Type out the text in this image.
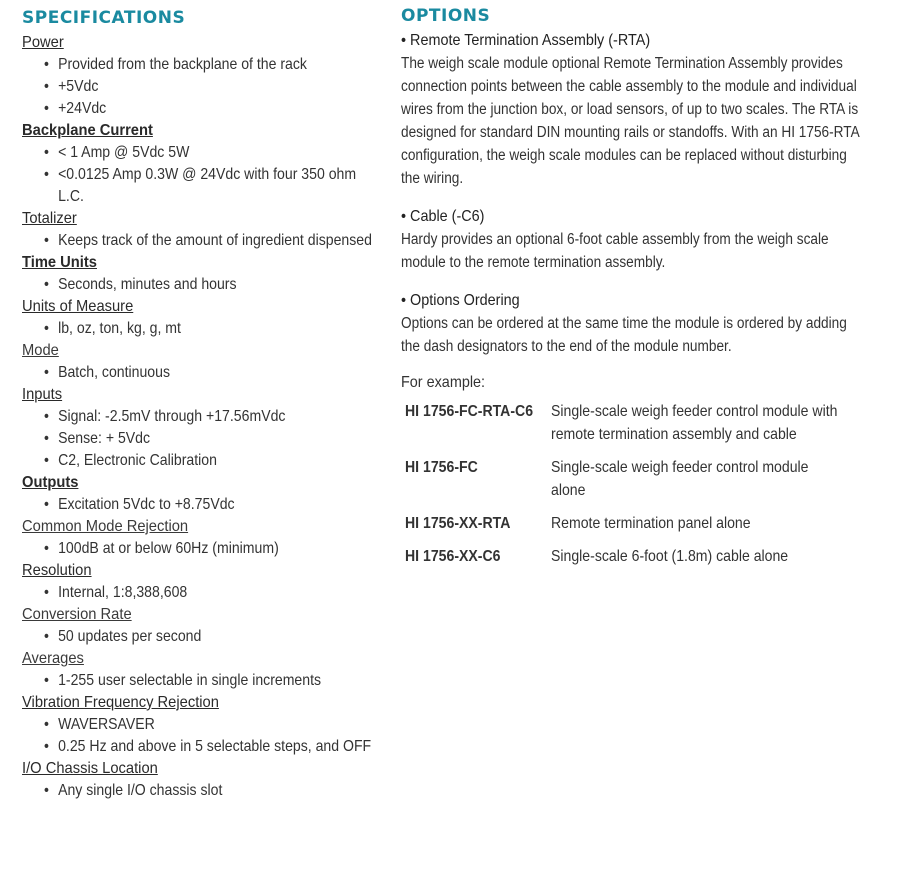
SPECIFICATIONS
Power
• Provided from the backplane of the rack
• +5Vdc
• +24Vdc
Backplane Current
• < 1 Amp @ 5Vdc 5W
• <0.0125 Amp 0.3W @ 24Vdc with four 350 ohm L.C.
Totalizer
• Keeps track of the amount of ingredient dispensed
Time Units
• Seconds, minutes and hours
Units of Measure
• lb, oz, ton, kg, g, mt
Mode
• Batch, continuous
Inputs
• Signal: -2.5mV through +17.56mVdc
• Sense: + 5Vdc
• C2, Electronic Calibration
Outputs
• Excitation 5Vdc to +8.75Vdc
Common Mode Rejection
• 100dB at or below 60Hz (minimum)
Resolution
• Internal, 1:8,388,608
Conversion Rate
• 50 updates per second
Averages
• 1-255 user selectable in single increments
Vibration Frequency Rejection
• WAVERSAVER
• 0.25 Hz and above in 5 selectable steps, and OFF
I/O Chassis Location
• Any single I/O chassis slot
OPTIONS
• Remote Termination Assembly (-RTA)

The weigh scale module optional Remote Termination Assembly provides connection points between the cable assembly to the module and individual wires from the junction box, or load sensors, of up to two scales. The RTA is designed for standard DIN mounting rails or standoffs. With an HI 1756-RTA configuration, the weigh scale modules can be replaced without disturbing the wiring.

• Cable (-C6)

Hardy provides an optional 6-foot cable assembly from the weigh scale module to the remote termination assembly.

• Options Ordering

Options can be ordered at the same time the module is ordered by adding the dash designators to the end of the module number.

For example:
HI 1756-FC-RTA-C6	Single-scale weigh feeder control module with remote termination assembly and cable
HI 1756-FC	Single-scale weigh feeder control module alone
HI 1756-XX-RTA	Remote termination panel alone
HI 1756-XX-C6	Single-scale 6-foot (1.8m) cable alone
